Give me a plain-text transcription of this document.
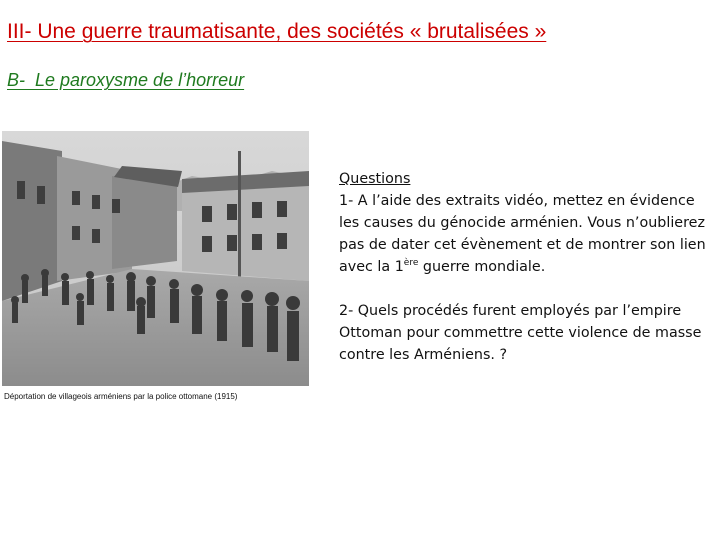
III- Une guerre traumatisante, des sociétés « brutalisées »
B-  Le paroxysme de l’horreur
Déportation de villageois arméniens par la police ottomane (1915)
Questions
1- A l’aide des extraits vidéo, mettez en évidence les causes du génocide arménien. Vous n’oublierez pas de dater cet évènement et de montrer son lien avec la 1ère guerre mondiale.
2- Quels procédés furent employés par l’empire Ottoman pour commettre cette violence de masse contre les Arméniens. ?
